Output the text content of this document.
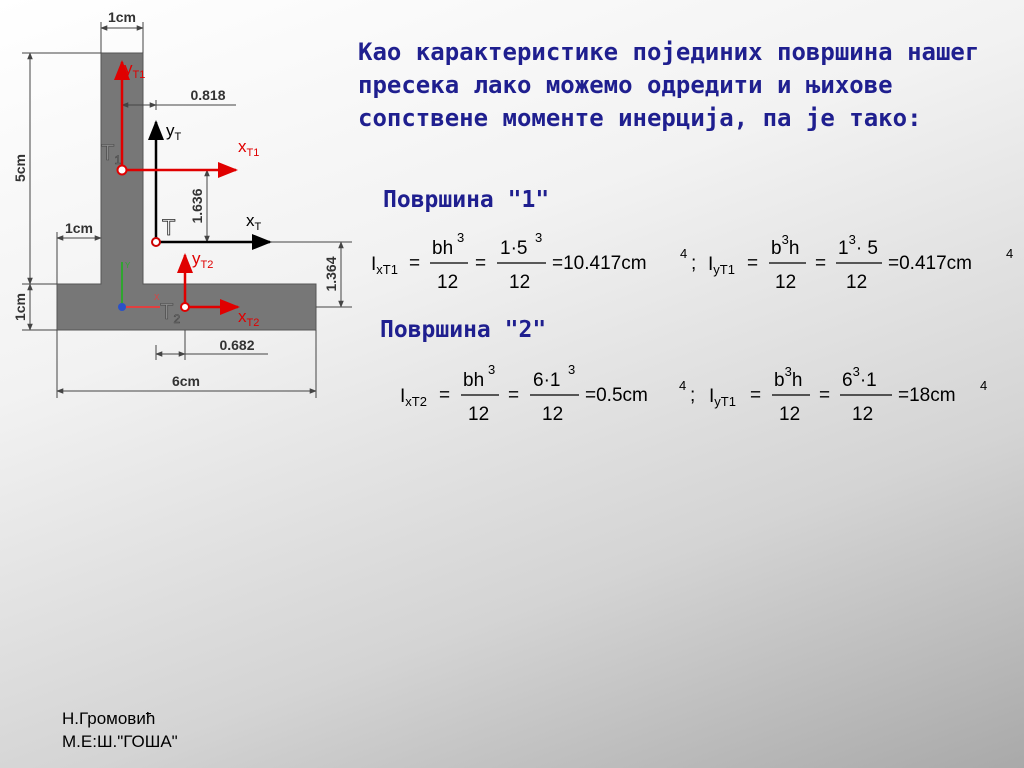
1cm
5cm
1cm
1cm
6cm
0.818
0.682
1.636
1.364
Y
X
$y_{T1}$
$x_{T1}$
$y_T$
$x_T$
$y_{T2}$
$x_{T2}$
T
T1
T2

Као карактеристике појединих површина нашег пресека лако можемо одредити и њихове сопствене моменте инерција, па је тако:

Површина "1"
Површина "2"
$I_{xT1}$ =
bh
3
12
=
1·5
3
12
=10.417cm	4 ; $I_{yT1}$ =
$b^3h$
12
=
$1^3\cdot 5$
12
=0.417cm	4
$I_{xT2}$ =
bh
3
12
=
6·1
3
12
=0.5cm 4 ; $I_{yT1}$ =
$b^3h$
12
=
$6^3\cdot 1$
12
=18cm 4
Н.Громовић
М.Е:Ш."ГОША"
